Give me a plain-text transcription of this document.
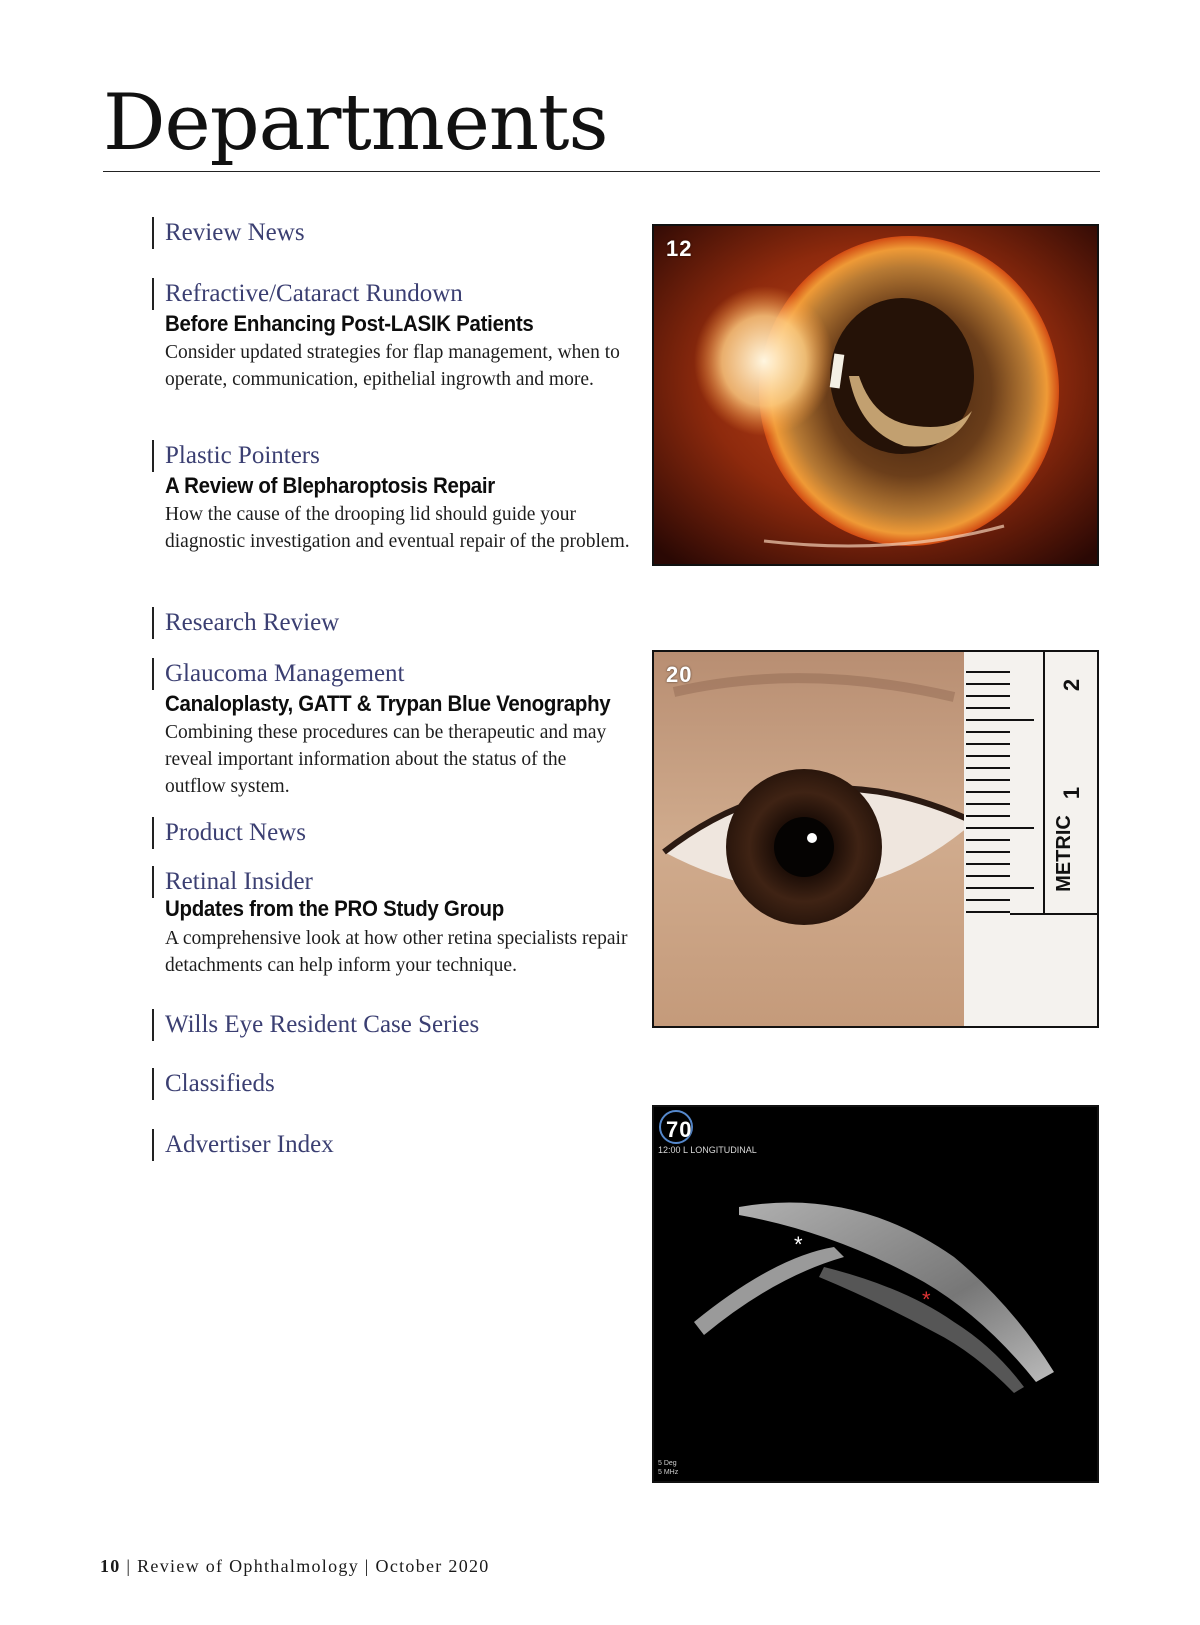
Departments
Review News
Refractive/Cataract Rundown
Before Enhancing Post-LASIK Patients
Consider updated strategies for flap management, when to operate, communication, epithelial ingrowth and more.
Plastic Pointers
A Review of Blepharoptosis Repair
How the cause of the drooping lid should guide your diagnostic investigation and eventual repair of the problem.
Research Review
Glaucoma Management
Canaloplasty, GATT & Trypan Blue Venography
Combining these procedures can be therapeutic and may reveal important information about the status of the outflow system.
Product News
Retinal Insider
Updates from the PRO Study Group
A comprehensive look at how other retina specialists repair detachments can help inform your technique.
Wills Eye Resident Case Series
Classifieds
Advertiser Index
12
2
1
METRIC
20
*
*
12:00 L LONGITUDINAL
5 Deg
5 MHz
70
10 | Review of Ophthalmology | October 2020
